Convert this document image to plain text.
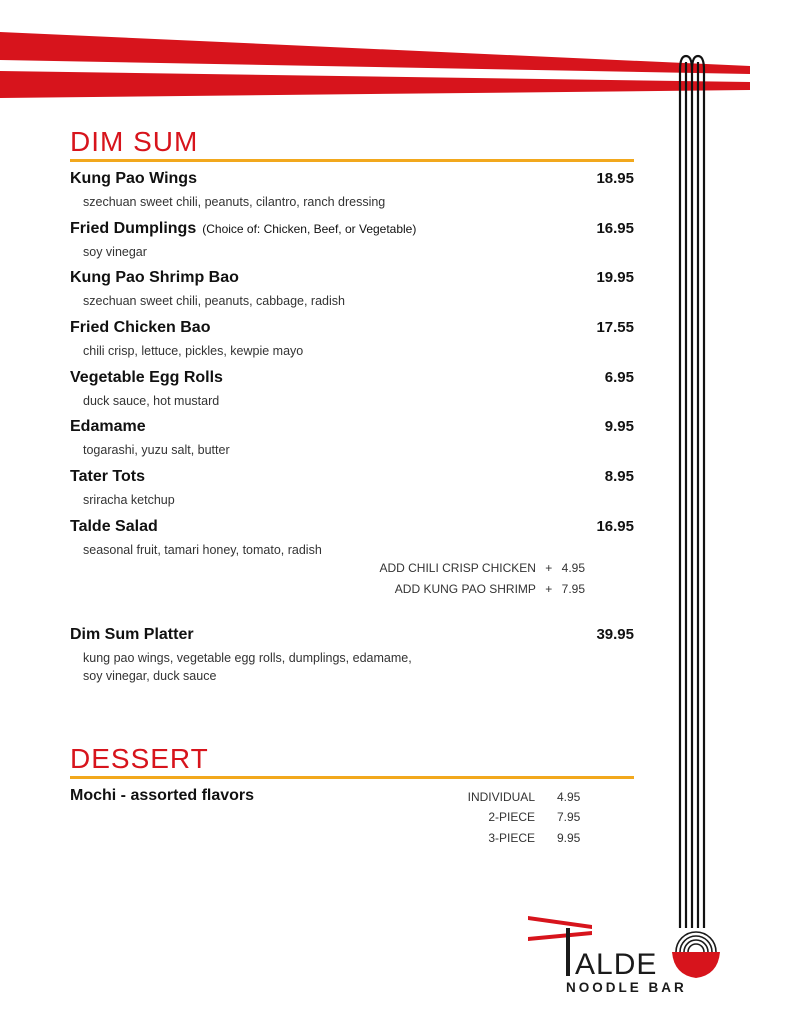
DIM SUM
Kung Pao Wings	18.95
szechuan sweet chili, peanuts, cilantro, ranch dressing
Fried Dumplings (Choice of: Chicken, Beef, or Vegetable)	16.95
soy vinegar
Kung Pao Shrimp Bao	19.95
szechuan sweet chili, peanuts, cabbage, radish
Fried Chicken Bao	17.55
chili crisp, lettuce, pickles, kewpie mayo
Vegetable Egg Rolls	6.95
duck sauce, hot mustard
Edamame	9.95
togarashi, yuzu salt, butter
Tater Tots	8.95
sriracha ketchup
Talde Salad	16.95
seasonal fruit, tamari honey, tomato, radish
ADD CHILI CRISP CHICKEN + 4.95
ADD KUNG PAO SHRIMP + 7.95
Dim Sum Platter	39.95
kung pao wings, vegetable egg rolls, dumplings, edamame,
soy vinegar, duck sauce
DESSERT
Mochi - assorted flavors	INDIVIDUAL 4.95
2-PIECE 7.95
3-PIECE 9.95
ALDE
NOODLE BAR
